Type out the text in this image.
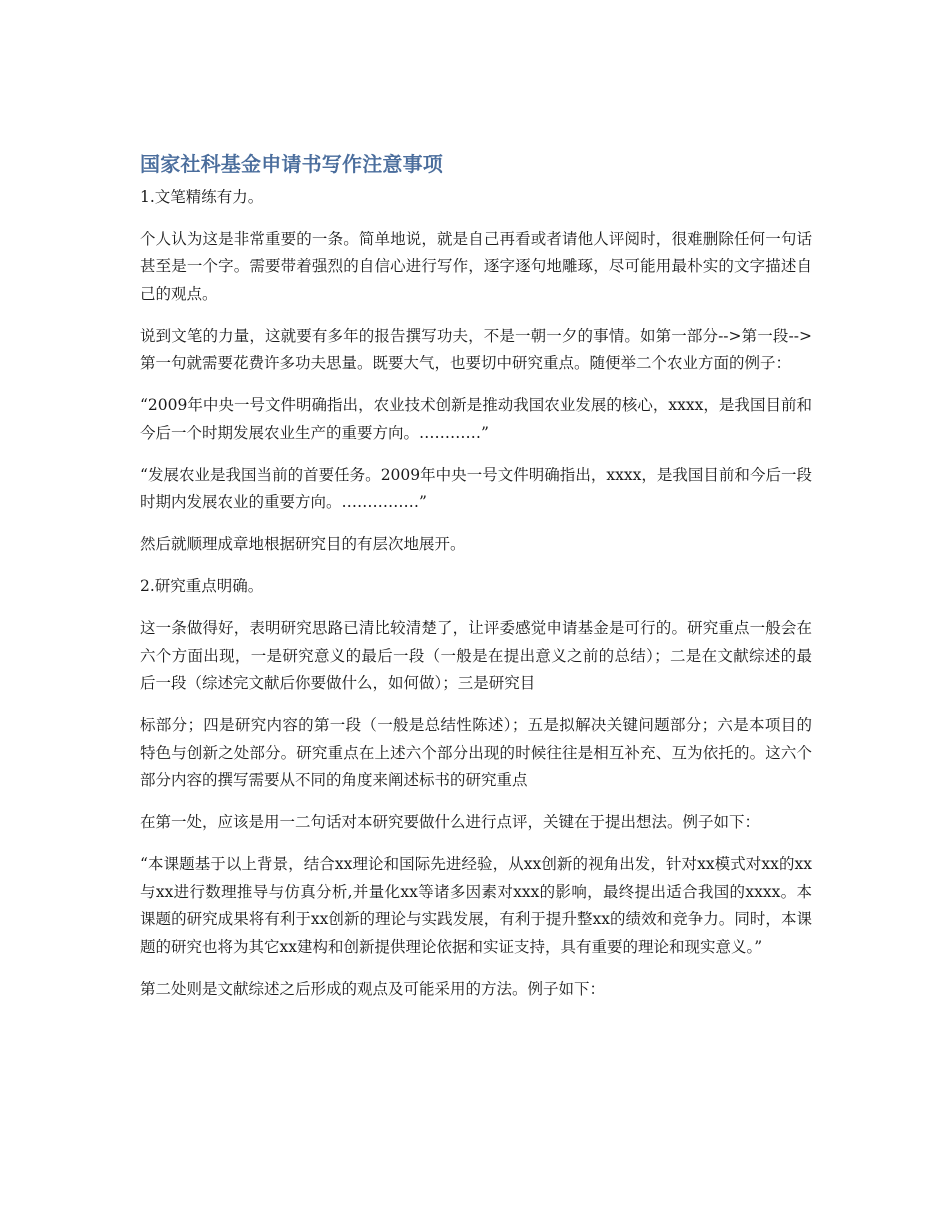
国家社科基金申请书写作注意事项

1.文笔精练有力。

个人认为这是非常重要的一条。简单地说，就是自己再看或者请他人评阅时，很难删除任何一句话甚至是一个字。需要带着强烈的自信心进行写作，逐字逐句地雕琢，尽可能用最朴实的文字描述自己的观点。

说到文笔的力量，这就要有多年的报告撰写功夫，不是一朝一夕的事情。如第一部分-->第一段-->第一句就需要花费许多功夫思量。既要大气，也要切中研究重点。随便举二个农业方面的例子：

“2009年中央一号文件明确指出，农业技术创新是推动我国农业发展的核心，xxxx，是我国目前和今后一个时期发展农业生产的重要方向。…………”

“发展农业是我国当前的首要任务。2009年中央一号文件明确指出，xxxx，是我国目前和今后一段时期内发展农业的重要方向。……………”

然后就顺理成章地根据研究目的有层次地展开。

2.研究重点明确。

这一条做得好，表明研究思路已清比较清楚了，让评委感觉申请基金是可行的。研究重点一般会在六个方面出现，一是研究意义的最后一段（一般是在提出意义之前的总结）；二是在文献综述的最后一段（综述完文献后你要做什么，如何做）；三是研究目

标部分；四是研究内容的第一段（一般是总结性陈述）；五是拟解决关键问题部分；六是本项目的特色与创新之处部分。研究重点在上述六个部分出现的时候往往是相互补充、互为依托的。这六个部分内容的撰写需要从不同的角度来阐述标书的研究重点

在第一处，应该是用一二句话对本研究要做什么进行点评，关键在于提出想法。例子如下：

“本课题基于以上背景，结合xx理论和国际先进经验，从xx创新的视角出发，针对xx模式对xx的xx与xx进行数理推导与仿真分析,并量化xx等诸多因素对xxx的影响，最终提出适合我国的xxxx。本课题的研究成果将有利于xx创新的理论与实践发展，有利于提升整xx的绩效和竞争力。同时，本课题的研究也将为其它xx建构和创新提供理论依据和实证支持，具有重要的理论和现实意义。”

第二处则是文献综述之后形成的观点及可能采用的方法。例子如下：
